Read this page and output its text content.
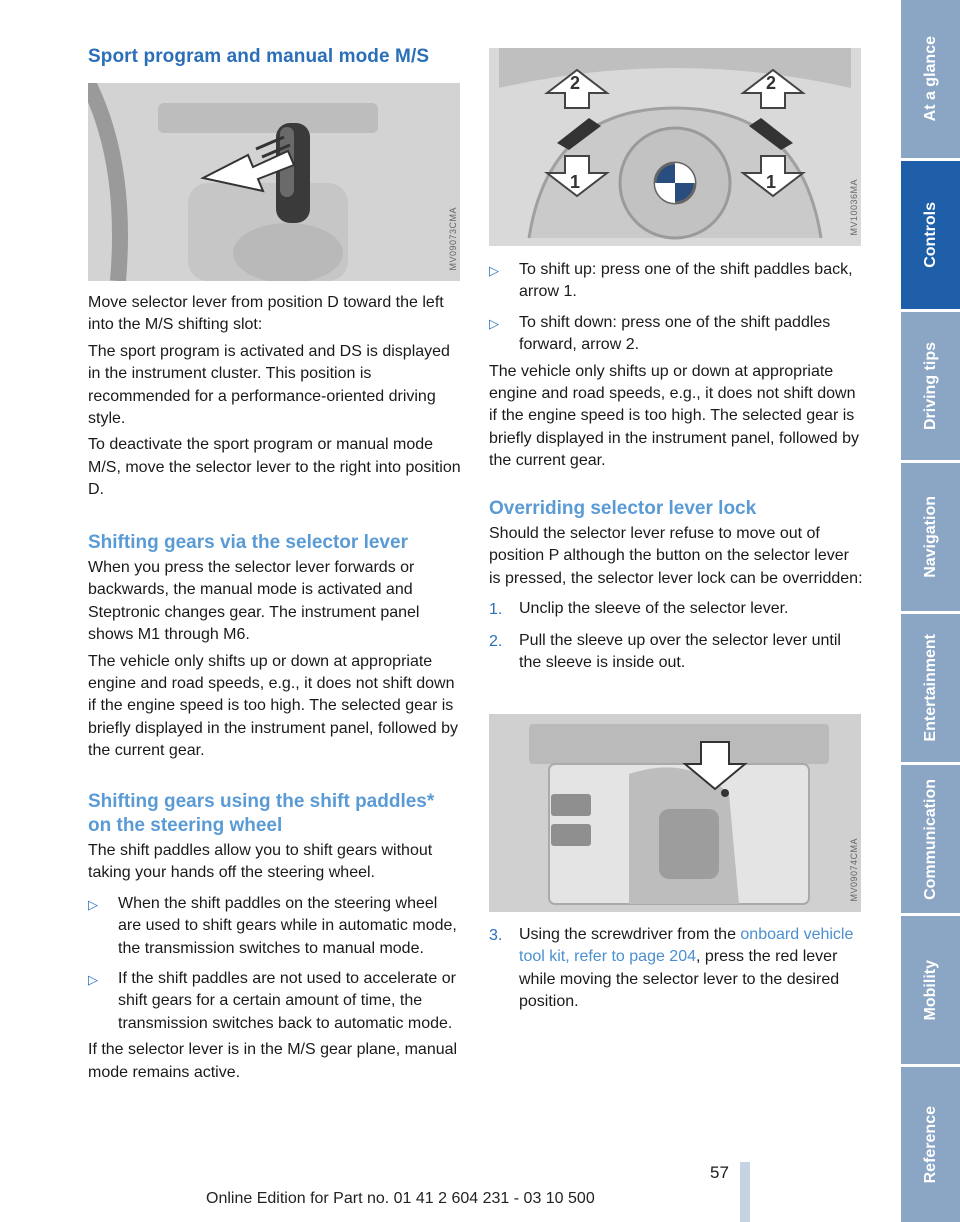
Sport program and manual mode M/S
MV09073CMA

Move selector lever from position D toward the left into the M/S shifting slot:

The sport program is activated and DS is displayed in the instrument cluster. This position is recommended for a performance-oriented driving style.

To deactivate the sport program or manual mode M/S, move the selector lever to the right into position D.

Shifting gears via the selector lever

When you press the selector lever forwards or backwards, the manual mode is activated and Steptronic changes gear. The instrument panel shows M1 through M6.

The vehicle only shifts up or down at appropriate engine and road speeds, e.g., it does not shift down if the engine speed is too high. The selected gear is briefly displayed in the instrument panel, followed by the current gear.

Shifting gears using the shift paddles* on the steering wheel

The shift paddles allow you to shift gears without taking your hands off the steering wheel.

▷	When the shift paddles on the steering wheel are used to shift gears while in automatic mode, the transmission switches to manual mode.
▷	If the shift paddles are not used to accelerate or shift gears for a certain amount of time, the transmission switches back to automatic mode.

If the selector lever is in the M/S gear plane, manual mode remains active.

2	2
1	1	MV10036MA
▷	To shift up: press one of the shift paddles back, arrow 1.
▷	To shift down: press one of the shift paddles forward, arrow 2.

The vehicle only shifts up or down at appropriate engine and road speeds, e.g., it does not shift down if the engine speed is too high. The selected gear is briefly displayed in the instrument panel, followed by the current gear.

Overriding selector lever lock

Should the selector lever refuse to move out of position P although the button on the selector lever is pressed, the selector lever lock can be overridden:

1.	Unclip the sleeve of the selector lever.
2.	Pull the sleeve up over the selector lever until the sleeve is inside out.
MV09074CMA
3.	Using the screwdriver from the onboard vehicle tool kit, refer to page 204, press the red lever while moving the selector lever to the desired position.
At a glance
Controls
Driving tips
Navigation
Entertainment
Communication
Mobility
Reference
57
Online Edition for Part no. 01 41 2 604 231 - 03 10 500
